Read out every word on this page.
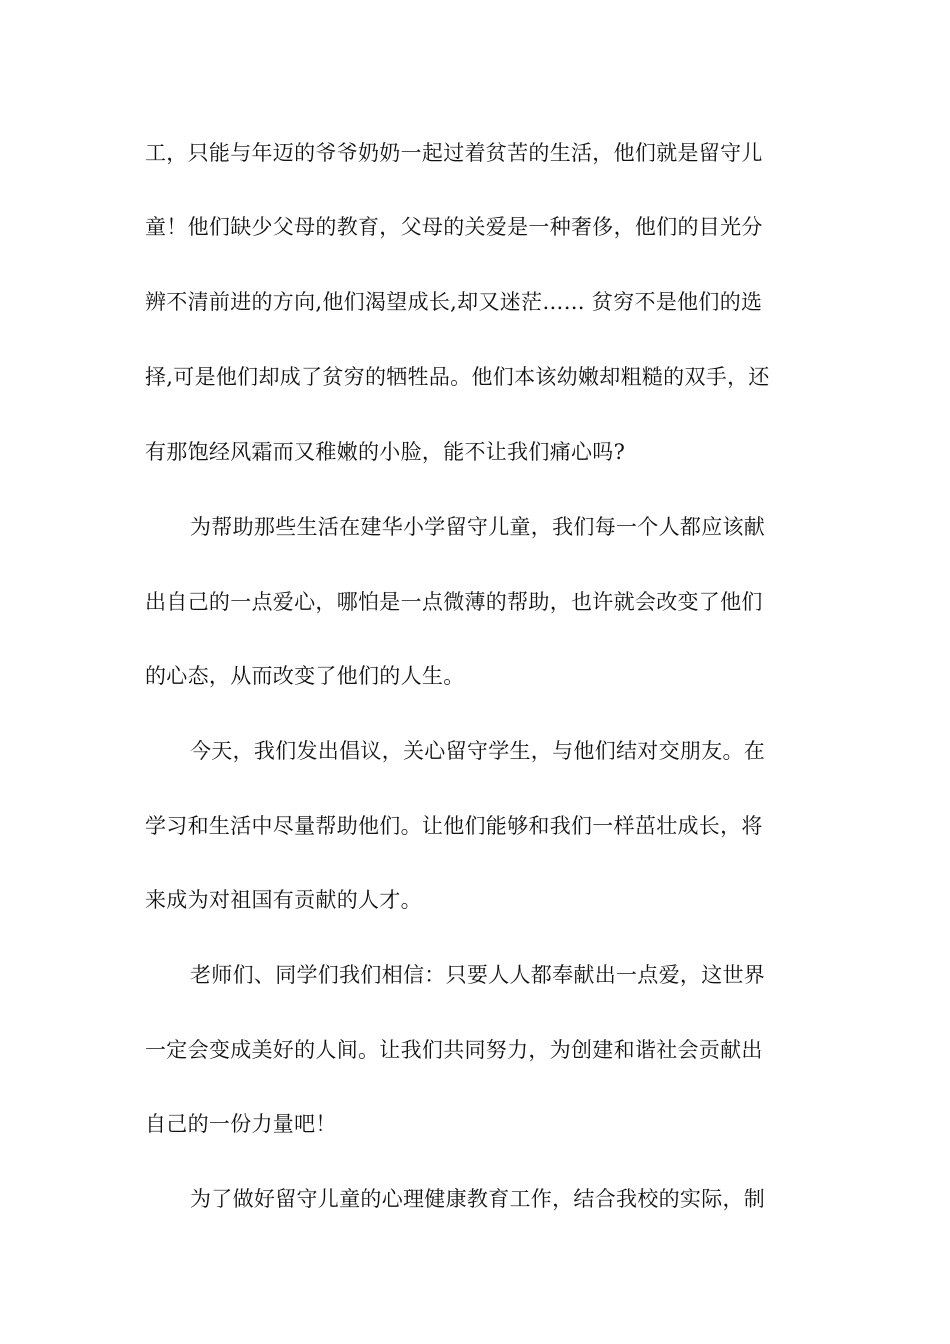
工，只能与年迈的爷爷奶奶一起过着贫苦的生活，他们就是留守儿
童！他们缺少父母的教育，父母的关爱是一种奢侈，他们的目光分
辨不清前进的方向,他们渴望成长,却又迷茫…… 贫穷不是他们的选
择,可是他们却成了贫穷的牺牲品。他们本该幼嫩却粗糙的双手，还
有那饱经风霜而又稚嫩的小脸，能不让我们痛心吗?
为帮助那些生活在建华小学留守儿童，我们每一个人都应该献
出自己的一点爱心，哪怕是一点微薄的帮助，也许就会改变了他们
的心态，从而改变了他们的人生。
今天，我们发出倡议，关心留守学生，与他们结对交朋友。在
学习和生活中尽量帮助他们。让他们能够和我们一样茁壮成长，将
来成为对祖国有贡献的人才。
老师们、同学们我们相信：只要人人都奉献出一点爱，这世界
一定会变成美好的人间。让我们共同努力，为创建和谐社会贡献出
自己的一份力量吧！
为了做好留守儿童的心理健康教育工作，结合我校的实际，制
